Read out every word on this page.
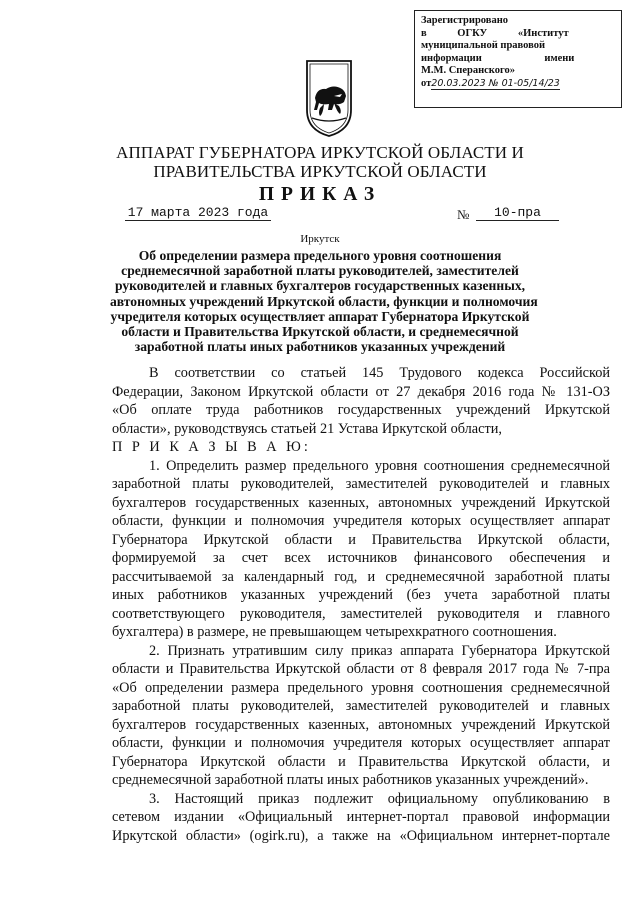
Зарегистрировано
в ОГКУ «Институт
муниципальной правовой
информации имени
М.М. Сперанского»
от20.03.2023 № 01-05/14/23
АППАРАТ ГУБЕРНАТОРА ИРКУТСКОЙ ОБЛАСТИ И
ПРАВИТЕЛЬСТВА ИРКУТСКОЙ ОБЛАСТИ
ПРИКАЗ
17 марта 2023 года	№	10-пра
Иркутск
Об определении размера предельного уровня соотношения
среднемесячной заработной платы руководителей, заместителей
руководителей и главных бухгалтеров государственных казенных,
автономных учреждений Иркутской области, функции и полномочия
учредителя которых осуществляет аппарат Губернатора Иркутской
области и Правительства Иркутской области, и среднемесячной
заработной платы иных работников указанных учреждений
В соответствии со статьей 145 Трудового кодекса Российской
Федерации, Законом Иркутской области от 27 декабря 2016 года № 131-ОЗ
«Об оплате труда работников государственных учреждений Иркутской
области», руководствуясь статьей 21 Устава Иркутской области,
П Р И К А З Ы В А Ю:
1. Определить размер предельного уровня соотношения среднемесячной
заработной платы руководителей, заместителей руководителей и главных
бухгалтеров государственных казенных, автономных учреждений Иркутской
области, функции и полномочия учредителя которых осуществляет аппарат
Губернатора Иркутской области и Правительства Иркутской области,
формируемой за счет всех источников финансового обеспечения и
рассчитываемой за календарный год, и среднемесячной заработной платы
иных работников указанных учреждений (без учета заработной платы
соответствующего руководителя, заместителей руководителя и главного
бухгалтера) в размере, не превышающем четырехкратного соотношения.
2. Признать утратившим силу приказ аппарата Губернатора Иркутской
области и Правительства Иркутской области от 8 февраля 2017 года № 7-пра
«Об определении размера предельного уровня соотношения среднемесячной
заработной платы руководителей, заместителей руководителей и главных
бухгалтеров государственных казенных, автономных учреждений Иркутской
области, функции и полномочия учредителя которых осуществляет аппарат
Губернатора Иркутской области и Правительства Иркутской области, и
среднемесячной заработной платы иных работников указанных учреждений».
3. Настоящий приказ подлежит официальному опубликованию в
сетевом издании «Официальный интернет-портал правовой информации
Иркутской области» (ogirk.ru), а также на «Официальном интернет-портале
